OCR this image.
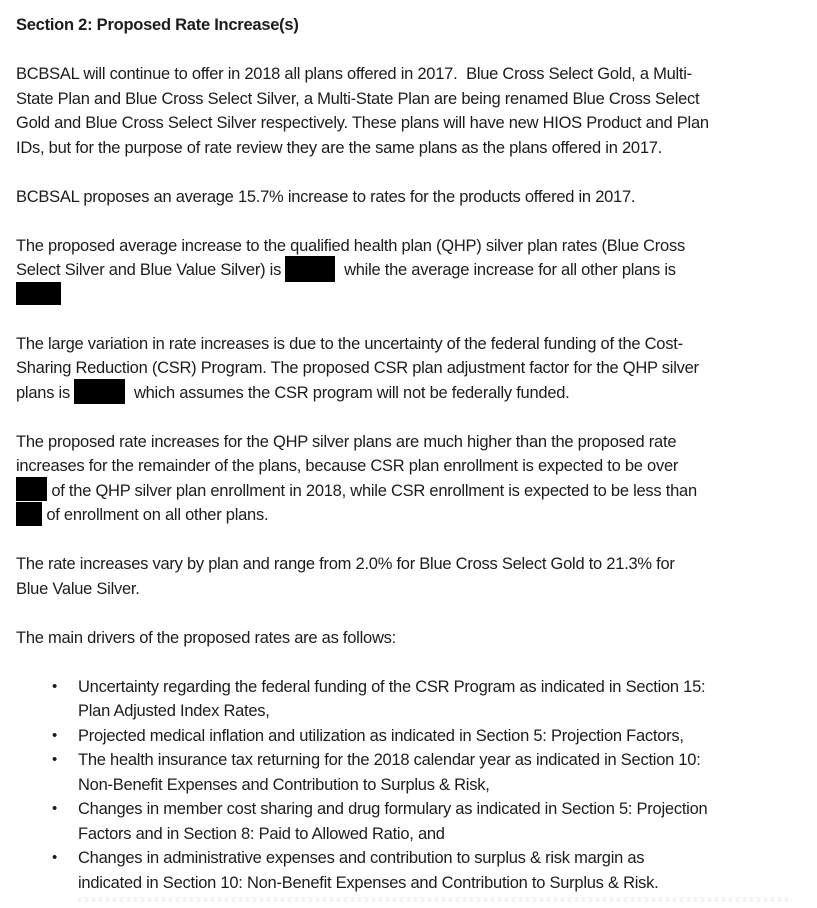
Section 2: Proposed Rate Increase(s)
BCBSAL will continue to offer in 2018 all plans offered in 2017.  Blue Cross Select Gold, a Multi-
State Plan and Blue Cross Select Silver, a Multi-State Plan are being renamed Blue Cross Select
Gold and Blue Cross Select Silver respectively. These plans will have new HIOS Product and Plan
IDs, but for the purpose of rate review they are the same plans as the plans offered in 2017.
BCBSAL proposes an average 15.7% increase to rates for the products offered in 2017.
The proposed average increase to the qualified health plan (QHP) silver plan rates (Blue Cross
Select Silver and Blue Value Silver) is	while the average increase for all other plans is
The large variation in rate increases is due to the uncertainty of the federal funding of the Cost-
Sharing Reduction (CSR) Program. The proposed CSR plan adjustment factor for the QHP silver
plans is	which assumes the CSR program will not be federally funded.
The proposed rate increases for the QHP silver plans are much higher than the proposed rate
increases for the remainder of the plans, because CSR plan enrollment is expected to be over
of the QHP silver plan enrollment in 2018, while CSR enrollment is expected to be less than
of enrollment on all other plans.
The rate increases vary by plan and range from 2.0% for Blue Cross Select Gold to 21.3% for
Blue Value Silver.
The main drivers of the proposed rates are as follows:
• Uncertainty regarding the federal funding of the CSR Program as indicated in Section 15:
Plan Adjusted Index Rates,
• Projected medical inflation and utilization as indicated in Section 5: Projection Factors,
• The health insurance tax returning for the 2018 calendar year as indicated in Section 10:
Non-Benefit Expenses and Contribution to Surplus & Risk,
• Changes in member cost sharing and drug formulary as indicated in Section 5: Projection
Factors and in Section 8: Paid to Allowed Ratio, and
• Changes in administrative expenses and contribution to surplus & risk margin as
indicated in Section 10: Non-Benefit Expenses and Contribution to Surplus & Risk.
